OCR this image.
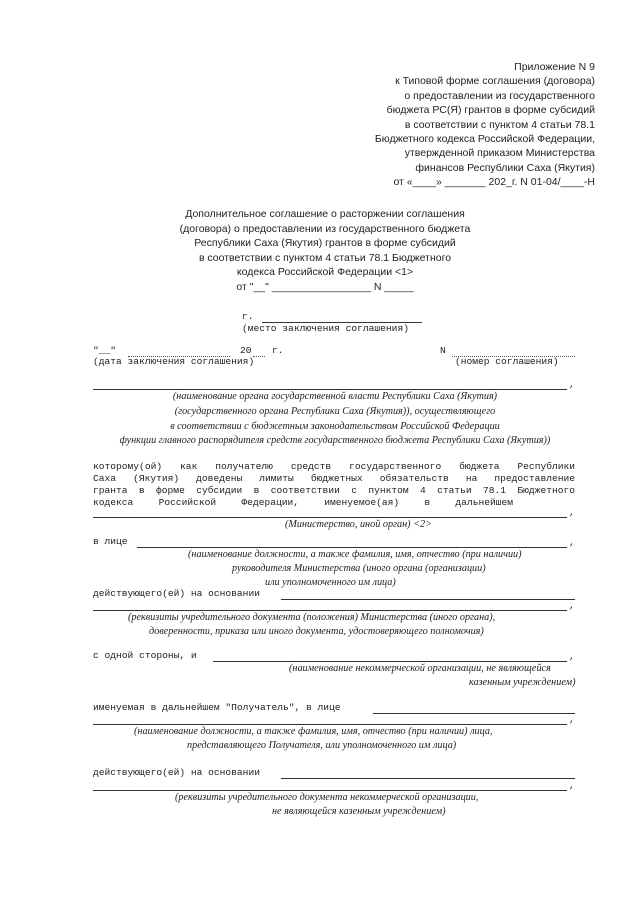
Приложение N 9
к Типовой форме соглашения (договора)
о предоставлении из государственного
бюджета РС(Я) грантов в форме субсидий
в соответствии с пунктом 4 статьи 78.1
Бюджетного кодекса Российской Федерации,
утвержденной приказом Министерства
финансов Республики Саха (Якутия)
от «____» _______ 202_г. N 01-04/____-Н
Дополнительное соглашение о расторжении соглашения
(договора) о предоставлении из государственного бюджета
Республики Саха (Якутия) грантов в форме субсидий
в соответствии с пунктом 4 статьи 78.1 Бюджетного
кодекса Российской Федерации <1>
от "__" _________________ N _____
г.
(место заключения соглашения)
"__"	20 г.	N
(дата заключения соглашения)	(номер соглашения)
,
(наименование органа государственной власти Республики Саха (Якутия)
(государственного органа Республики Саха (Якутия)), осуществляющего
в соответствии с бюджетным законодательством Российской Федерации
функции главного распорядителя средств государственного бюджета Республики Саха (Якутия))
которому(ой) как получателю средств государственного бюджета Республики
Саха (Якутия) доведены лимиты бюджетных обязательств на предоставление
гранта в форме субсидии в соответствии с пунктом 4 статьи 78.1 Бюджетного
кодекса Российской Федерации, именуемое(ая) в дальнейшем
,
(Министерство, иной орган) <2>
в лице	,
(наименование должности, а также фамилия, имя, отчество (при наличии)
руководителя Министерства (иного органа (организации)
или уполномоченного им лица)
действующего(ей) на основании
,
(реквизиты учредительного документа (положения) Министерства (иного органа),
доверенности, приказа или иного документа, удостоверяющего полномочия)
с одной стороны, и	,
(наименование некоммерческой организации, не являющейся
казенным учреждением)
именуемая в дальнейшем "Получатель", в лице
,
(наименование должности, а также фамилия, имя, отчество (при наличии) лица,
представляющего Получателя, или уполномоченного им лица)
действующего(ей) на основании
,
(реквизиты учредительного документа некоммерческой организации,
не являющейся казенным учреждением)
